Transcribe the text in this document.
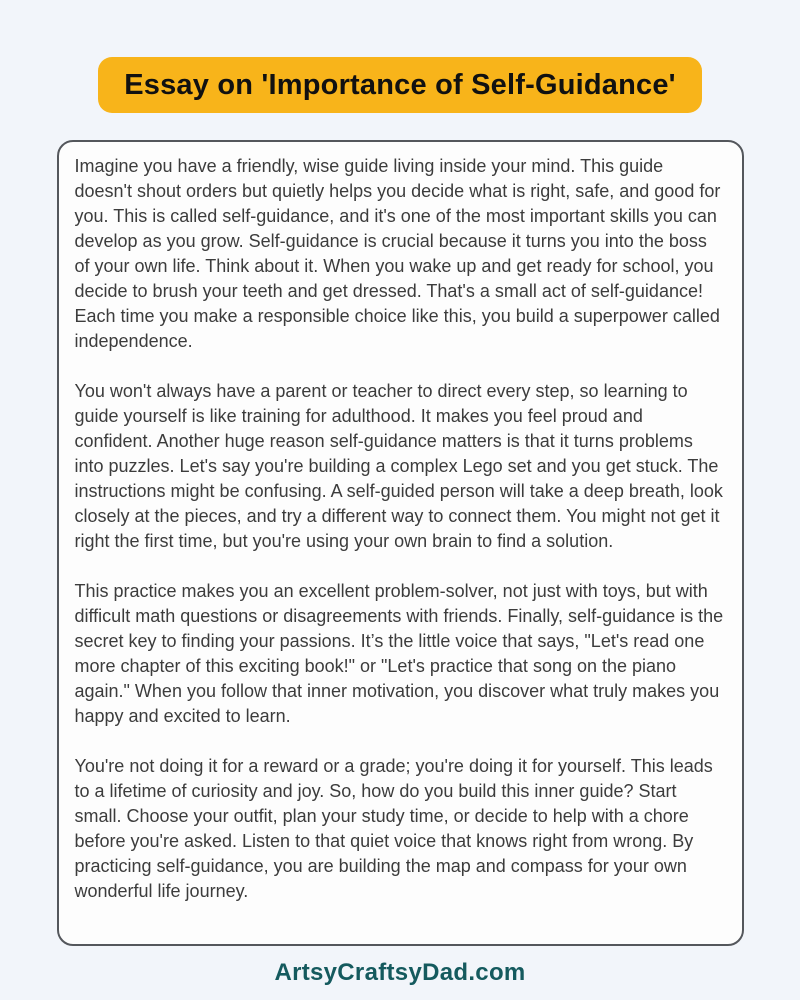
Essay on 'Importance of Self-Guidance'

Imagine you have a friendly, wise guide living inside your mind. This guide doesn't shout orders but quietly helps you decide what is right, safe, and good for you. This is called self-guidance, and it's one of the most important skills you can develop as you grow. Self-guidance is crucial because it turns you into the boss of your own life. Think about it. When you wake up and get ready for school, you decide to brush your teeth and get dressed. That's a small act of self-guidance! Each time you make a responsible choice like this, you build a superpower called independence.

You won't always have a parent or teacher to direct every step, so learning to guide yourself is like training for adulthood. It makes you feel proud and confident. Another huge reason self-guidance matters is that it turns problems into puzzles. Let's say you're building a complex Lego set and you get stuck. The instructions might be confusing. A self-guided person will take a deep breath, look closely at the pieces, and try a different way to connect them. You might not get it right the first time, but you're using your own brain to find a solution.

This practice makes you an excellent problem-solver, not just with toys, but with difficult math questions or disagreements with friends. Finally, self-guidance is the secret key to finding your passions. It’s the little voice that says, "Let's read one more chapter of this exciting book!" or "Let's practice that song on the piano again." When you follow that inner motivation, you discover what truly makes you happy and excited to learn.

You're not doing it for a reward or a grade; you're doing it for yourself. This leads to a lifetime of curiosity and joy. So, how do you build this inner guide? Start small. Choose your outfit, plan your study time, or decide to help with a chore before you're asked. Listen to that quiet voice that knows right from wrong. By practicing self-guidance, you are building the map and compass for your own wonderful life journey.

ArtsyCraftsyDad.com
